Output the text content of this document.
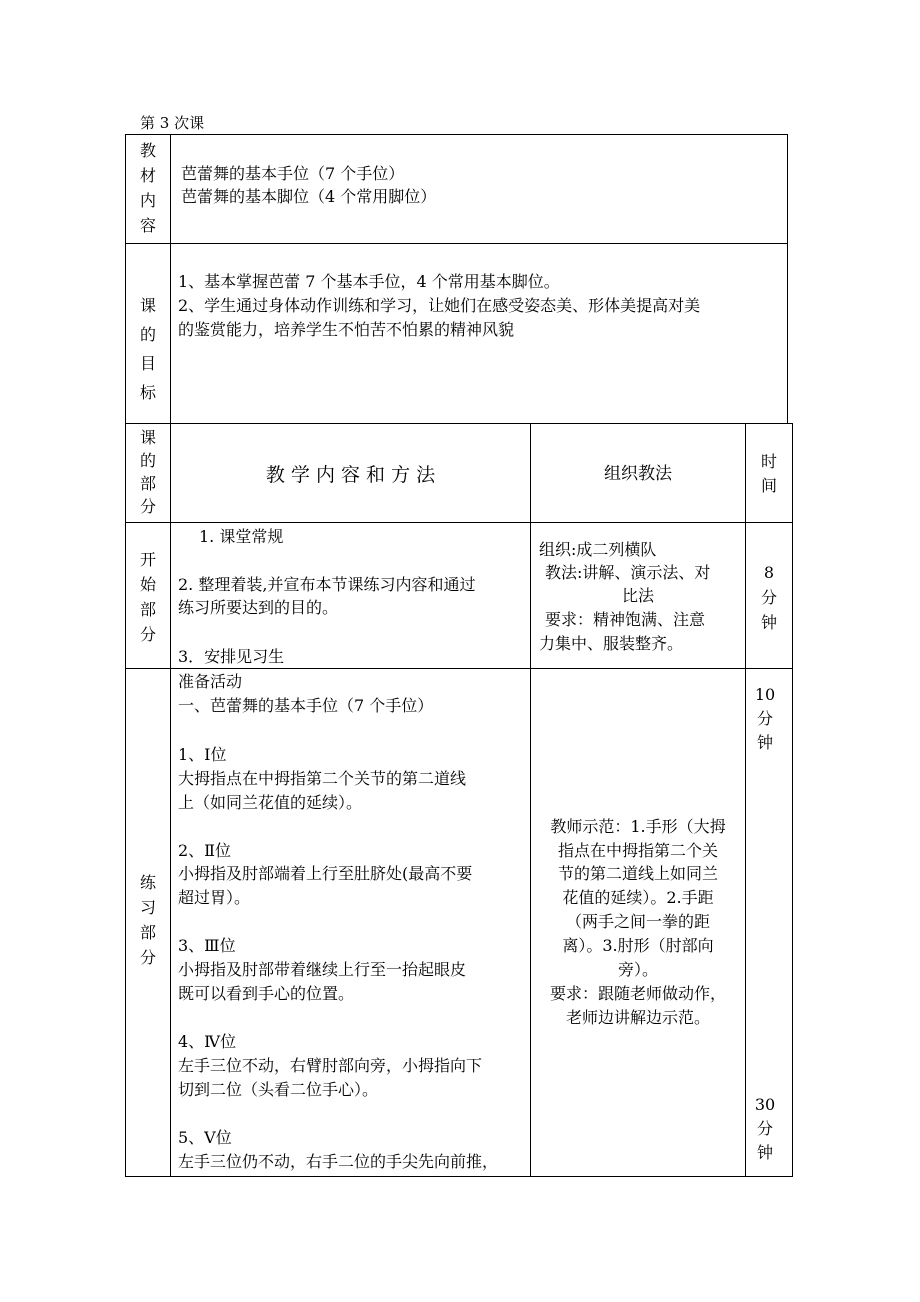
第 3 次课
教
材
内
容
芭蕾舞的基本手位（7 个手位）
芭蕾舞的基本脚位（4 个常用脚位）
课
的
目
标
1、基本掌握芭蕾 7 个基本手位，4 个常用基本脚位。
2、学生通过身体动作训练和学习，让她们在感受姿态美、形体美提高对美
的鉴赏能力，培养学生不怕苦不怕累的精神风貌
课
的
部
分
教 学 内 容 和 方 法	组织教法
时
间
开
始
部
分
1. 课堂常规
2. 整理着装,并宣布本节课练习内容和通过
练习所要达到的目的。
3．安排见习生
组织:成二列横队
教法:讲解、演示法、对
比法
要求：精神饱满、注意
力集中、服装整齐。
8
分
钟
练
习
部
分
准备活动
一、芭蕾舞的基本手位（7 个手位）
1、Ⅰ位
大拇指点在中拇指第二个关节的第二道线
上（如同兰花值的延续）。
2、Ⅱ位
小拇指及肘部端着上行至肚脐处(最高不要
超过胃）。
3、Ⅲ位
小拇指及肘部带着继续上行至一抬起眼皮
既可以看到手心的位置。
4、Ⅳ位
左手三位不动，右臂肘部向旁，小拇指向下
切到二位（头看二位手心）。
5、Ⅴ位
左手三位仍不动，右手二位的手尖先向前推，
教师示范：1.手形（大拇
指点在中拇指第二个关
节的第二道线上如同兰
花值的延续）。2.手距
（两手之间一拳的距
离）。3.肘形（肘部向
旁）。
要求：跟随老师做动作，
老师边讲解边示范。
10
分
钟
30
分
钟
